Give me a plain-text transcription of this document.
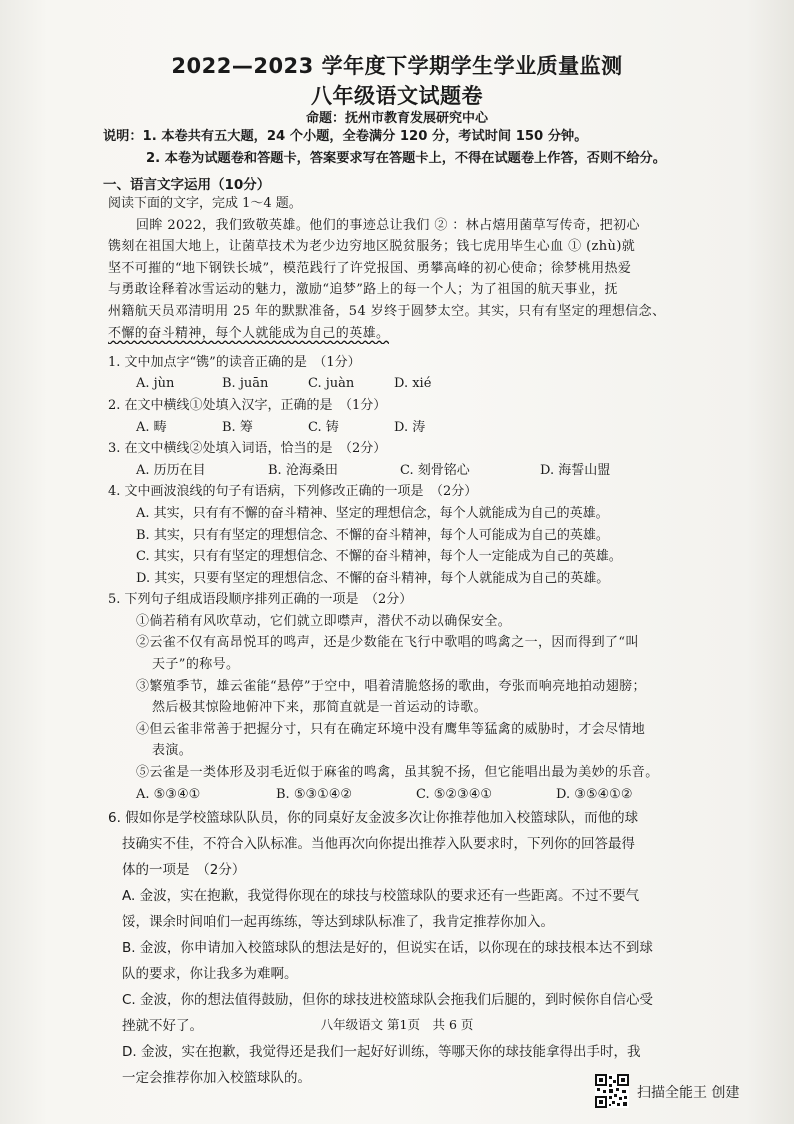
2022—2023 学年度下学期学生学业质量监测
八年级语文试题卷
命题：抚州市教育发展研究中心
说明：1. 本卷共有五大题，24 个小题，全卷满分 120 分，考试时间 150 分钟。
2. 本卷为试题卷和答题卡，答案要求写在答题卡上，不得在试题卷上作答，否则不给分。
一、语言文字运用（10分）
阅读下面的文字，完成 1～4 题。
回眸 2022，我们致敬英雄。他们的事迹总让我们 ② ：林占熺用菌草写传奇，把初心
镌刻在祖国大地上，让菌草技术为老少边穷地区脱贫服务；钱七虎用毕生心血 ① (zhù)就
坚不可摧的“地下钢铁长城”，模范践行了许党报国、勇攀高峰的初心使命；徐梦桃用热爱
与勇敢诠释着冰雪运动的魅力，激励“追梦”路上的每一个人；为了祖国的航天事业，抚
州籍航天员邓清明用 25 年的默默准备，54 岁终于圆梦太空。其实，只有有坚定的理想信念、
不懈的奋斗精神，每个人就能成为自己的英雄。
1. 文中加点字“镌”的读音正确的是　（1分）
A. jùn	B. juān	C. juàn	D. xié
2. 在文中横线①处填入汉字，正确的是　（1分）
A. 畴	B. 筹	C. 铸	D. 涛
3. 在文中横线②处填入词语，恰当的是　（2分）
A. 历历在目	B. 沧海桑田	C. 刻骨铭心	D. 海誓山盟
4. 文中画波浪线的句子有语病，下列修改正确的一项是　（2分）
A. 其实，只有有不懈的奋斗精神、坚定的理想信念，每个人就能成为自己的英雄。
B. 其实，只有有坚定的理想信念、不懈的奋斗精神，每个人可能成为自己的英雄。
C. 其实，只有有坚定的理想信念、不懈的奋斗精神，每个人一定能成为自己的英雄。
D. 其实，只要有坚定的理想信念、不懈的奋斗精神，每个人就能成为自己的英雄。
5. 下列句子组成语段顺序排列正确的一项是　（2分）
①倘若稍有风吹草动，它们就立即噤声，潜伏不动以确保安全。
②云雀不仅有高昂悦耳的鸣声，还是少数能在飞行中歌唱的鸣禽之一，因而得到了“叫
天子”的称号。
③繁殖季节，雄云雀能“悬停”于空中，唱着清脆悠扬的歌曲，夸张而响亮地拍动翅膀；
然后极其惊险地俯冲下来，那简直就是一首运动的诗歌。
④但云雀非常善于把握分寸，只有在确定环境中没有鹰隼等猛禽的威胁时，才会尽情地
表演。
⑤云雀是一类体形及羽毛近似于麻雀的鸣禽，虽其貌不扬，但它能唱出最为美妙的乐音。
A. ⑤③④①	B. ⑤③①④②	C. ⑤②③④①	D. ③⑤④①②
6. 假如你是学校篮球队队员，你的同桌好友金波多次让你推荐他加入校篮球队，而他的球
技确实不佳，不符合入队标准。当他再次向你提出推荐入队要求时，下列你的回答最得
体的一项是　（2分）
A. 金波，实在抱歉，我觉得你现在的球技与校篮球队的要求还有一些距离。不过不要气
馁，课余时间咱们一起再练练，等达到球队标准了，我肯定推荐你加入。
B. 金波，你申请加入校篮球队的想法是好的，但说实在话，以你现在的球技根本达不到球
队的要求，你让我多为难啊。
C. 金波，你的想法值得鼓励，但你的球技进校篮球队会拖我们后腿的，到时候你自信心受
挫就不好了。
D. 金波，实在抱歉，我觉得还是我们一起好好训练，等哪天你的球技能拿得出手时，我
一定会推荐你加入校篮球队的。
八年级语文 第1页　共 6 页
扫描全能王 创建
